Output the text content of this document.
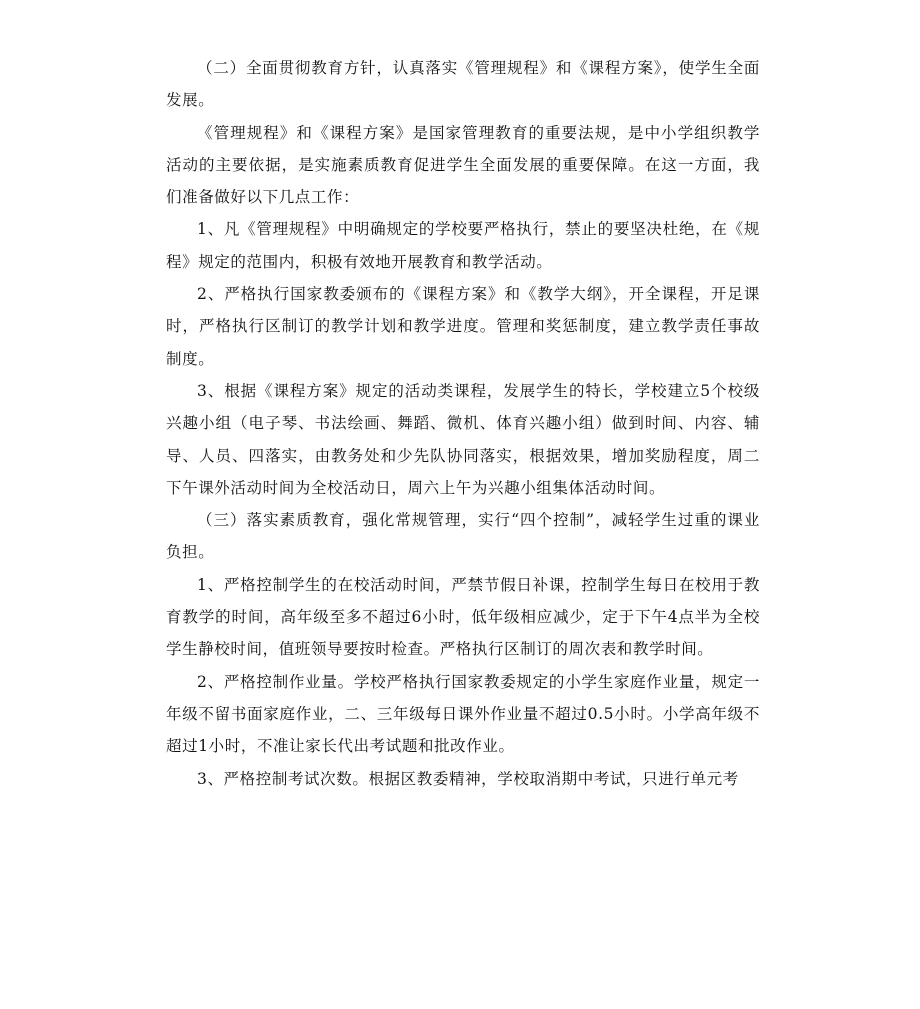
（二）全面贯彻教育方针，认真落实《管理规程》和《课程方案》，使学生全面发展。

《管理规程》和《课程方案》是国家管理教育的重要法规，是中小学组织教学活动的主要依据，是实施素质教育促进学生全面发展的重要保障。在这一方面，我们准备做好以下几点工作：

1、凡《管理规程》中明确规定的学校要严格执行，禁止的要坚决杜绝，在《规程》规定的范围内，积极有效地开展教育和教学活动。

2、严格执行国家教委颁布的《课程方案》和《教学大纲》，开全课程，开足课时，严格执行区制订的教学计划和教学进度。管理和奖惩制度，建立教学责任事故制度。

3、根据《课程方案》规定的活动类课程，发展学生的特长，学校建立5个校级兴趣小组（电子琴、书法绘画、舞蹈、微机、体育兴趣小组）做到时间、内容、辅导、人员、四落实，由教务处和少先队协同落实，根据效果，增加奖励程度，周二下午课外活动时间为全校活动日，周六上午为兴趣小组集体活动时间。

（三）落实素质教育，强化常规管理，实行“四个控制”，减轻学生过重的课业负担。

1、严格控制学生的在校活动时间，严禁节假日补课，控制学生每日在校用于教育教学的时间，高年级至多不超过6小时，低年级相应减少，定于下午4点半为全校学生静校时间，值班领导要按时检查。严格执行区制订的周次表和教学时间。

2、严格控制作业量。学校严格执行国家教委规定的小学生家庭作业量，规定一年级不留书面家庭作业，二、三年级每日课外作业量不超过0.5小时。小学高年级不超过1小时，不准让家长代出考试题和批改作业。

3、严格控制考试次数。根据区教委精神，学校取消期中考试，只进行单元考
